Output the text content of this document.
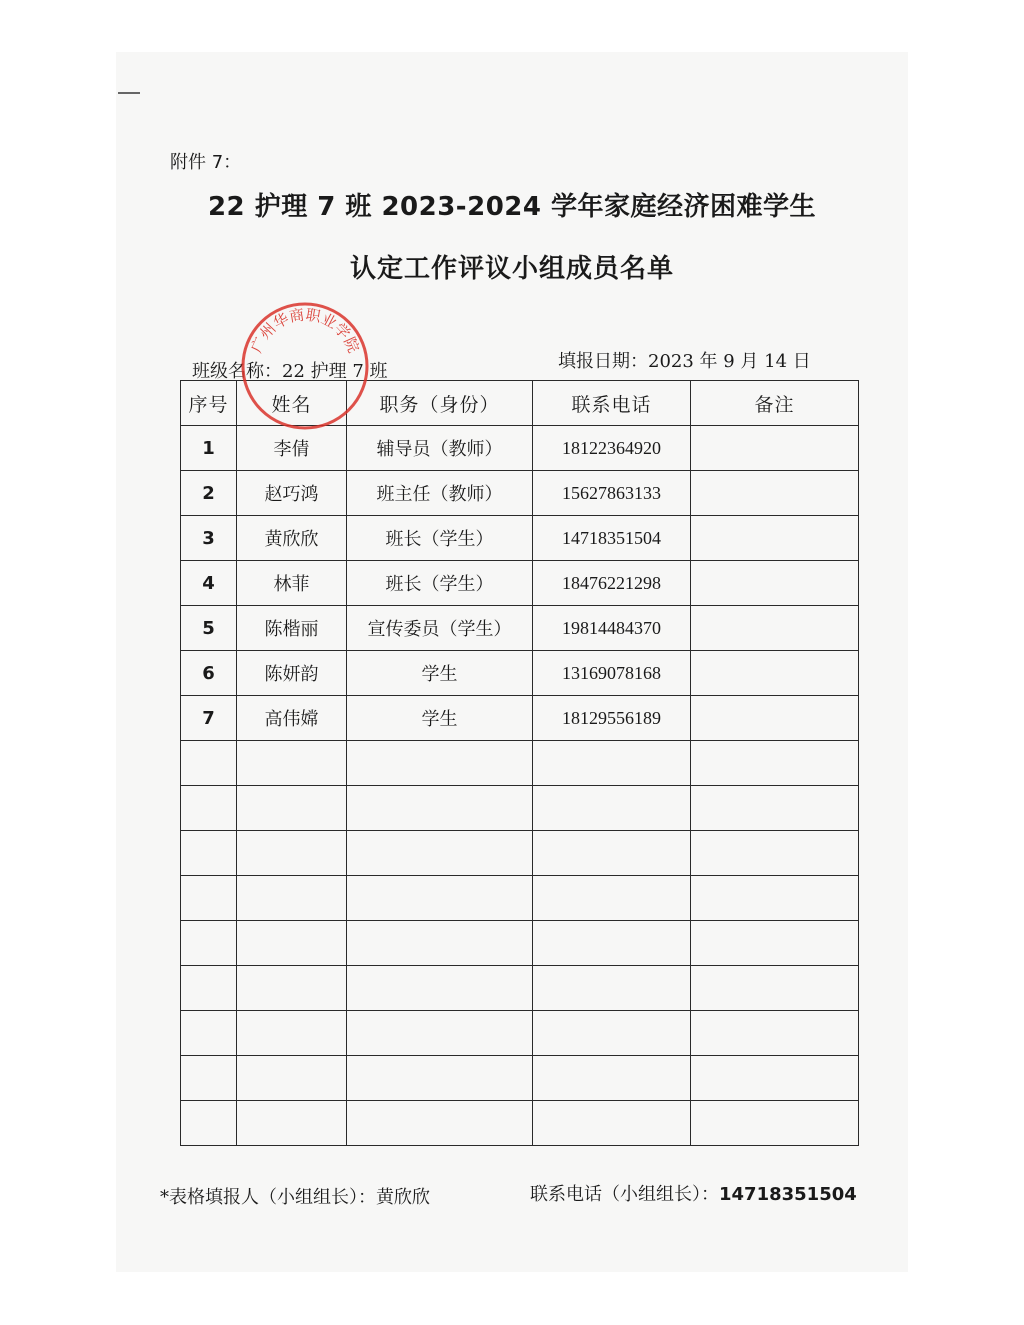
附件 7：
22 护理 7 班 2023-2024 学年家庭经济困难学生
认定工作评议小组成员名单
班级名称：22 护理 7 班	填报日期：2023 年 9 月 14 日
序号	姓名	职务（身份）	联系电话	备注
1	李倩	辅导员（教师）	18122364920	
2	赵巧鸿	班主任（教师）	15627863133	
3	黄欣欣	班长（学生）	14718351504	
4	林菲	班长（学生）	18476221298	
5	陈楷丽	宣传委员（学生）	19814484370	
6	陈妍韵	学生	13169078168	
7	高伟嫦	学生	18129556189	

广州华商职业学院
*表格填报人（小组组长）：黄欣欣	联系电话（小组组长）：14718351504
